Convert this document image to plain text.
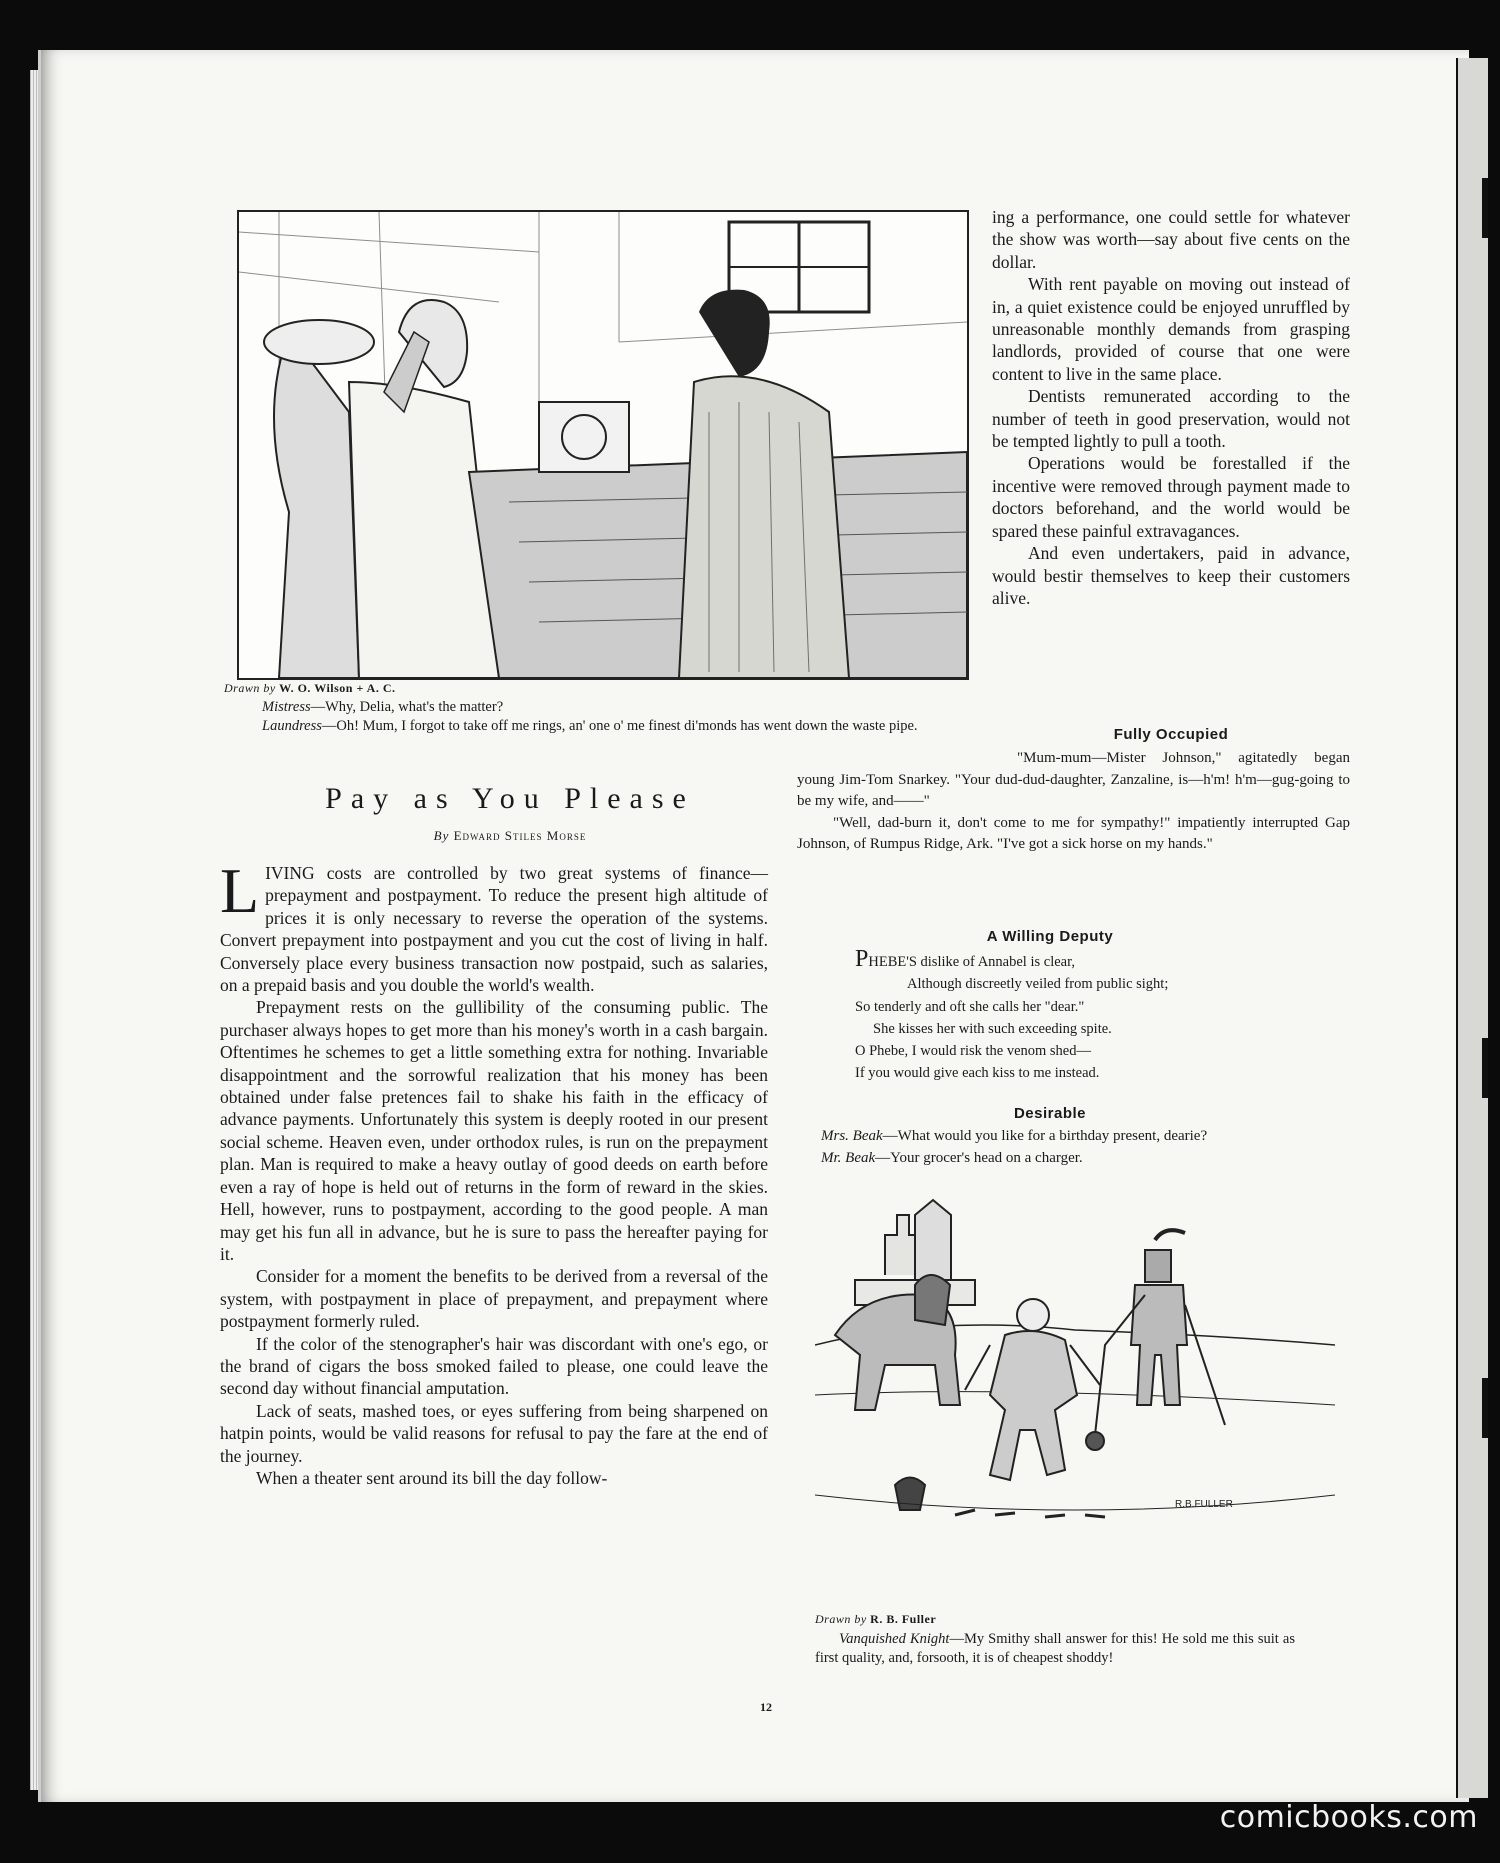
Drawn by W. O. Wilson + A. C.

Mistress—Why, Delia, what's the matter?

Laundress—Oh! Mum, I forgot to take off me rings, an' one o' me finest di'monds has went down the waste pipe.

Pay as You Please
By Edward Stiles Morse

LIVING costs are controlled by two great systems of finance—prepayment and postpayment. To reduce the present high altitude of prices it is only necessary to reverse the operation of the systems. Convert prepayment into postpayment and you cut the cost of living in half. Conversely place every business transaction now postpaid, such as salaries, on a prepaid basis and you double the world's wealth.

Prepayment rests on the gullibility of the consuming public. The purchaser always hopes to get more than his money's worth in a cash bargain. Oftentimes he schemes to get a little something extra for nothing. Invariable disappointment and the sorrowful realization that his money has been obtained under false pretences fail to shake his faith in the efficacy of advance payments. Unfortunately this system is deeply rooted in our present social scheme. Heaven even, under orthodox rules, is run on the prepayment plan. Man is required to make a heavy outlay of good deeds on earth before even a ray of hope is held out of returns in the form of reward in the skies. Hell, however, runs to postpayment, according to the good people. A man may get his fun all in advance, but he is sure to pass the hereafter paying for it.

Consider for a moment the benefits to be derived from a reversal of the system, with postpayment in place of prepayment, and prepayment where postpayment formerly ruled.

If the color of the stenographer's hair was discordant with one's ego, or the brand of cigars the boss smoked failed to please, one could leave the second day without financial amputation.

Lack of seats, mashed toes, or eyes suffering from being sharpened on hatpin points, would be valid reasons for refusal to pay the fare at the end of the journey.

When a theater sent around its bill the day follow-

ing a performance, one could settle for whatever the show was worth—say about five cents on the dollar.

With rent payable on moving out instead of in, a quiet existence could be enjoyed unruffled by unreasonable monthly demands from grasping landlords, provided of course that one were content to live in the same place.

Dentists remunerated according to the number of teeth in good preservation, would not be tempted lightly to pull a tooth.

Operations would be forestalled if the incentive were removed through payment made to doctors beforehand, and the world would be spared these painful extravagances.

And even undertakers, paid in advance, would bestir themselves to keep their customers alive.

Fully Occupied

"Mum-mum—Mister Johnson," agitatedly began young Jim-Tom Snarkey. "Your dud-dud-daughter, Zanzaline, is—h'm! h'm—gug-going to be my wife, and——"

"Well, dad-burn it, don't come to me for sympathy!" impatiently interrupted Gap Johnson, of Rumpus Ridge, Ark. "I've got a sick horse on my hands."

A Willing Deputy
PHEBE'S dislike of Annabel is clear,
Although discreetly veiled from public sight;
So tenderly and oft she calls her "dear."
She kisses her with such exceeding spite.
O Phebe, I would risk the venom shed—
If you would give each kiss to me instead.
Desirable

Mrs. Beak—What would you like for a birthday present, dearie?

Mr. Beak—Your grocer's head on a charger.

R.B.FULLER
Drawn by R. B. Fuller

Vanquished Knight—My Smithy shall answer for this! He sold me this suit as first quality, and, forsooth, it is of cheapest shoddy!

12
comicbooks.com
